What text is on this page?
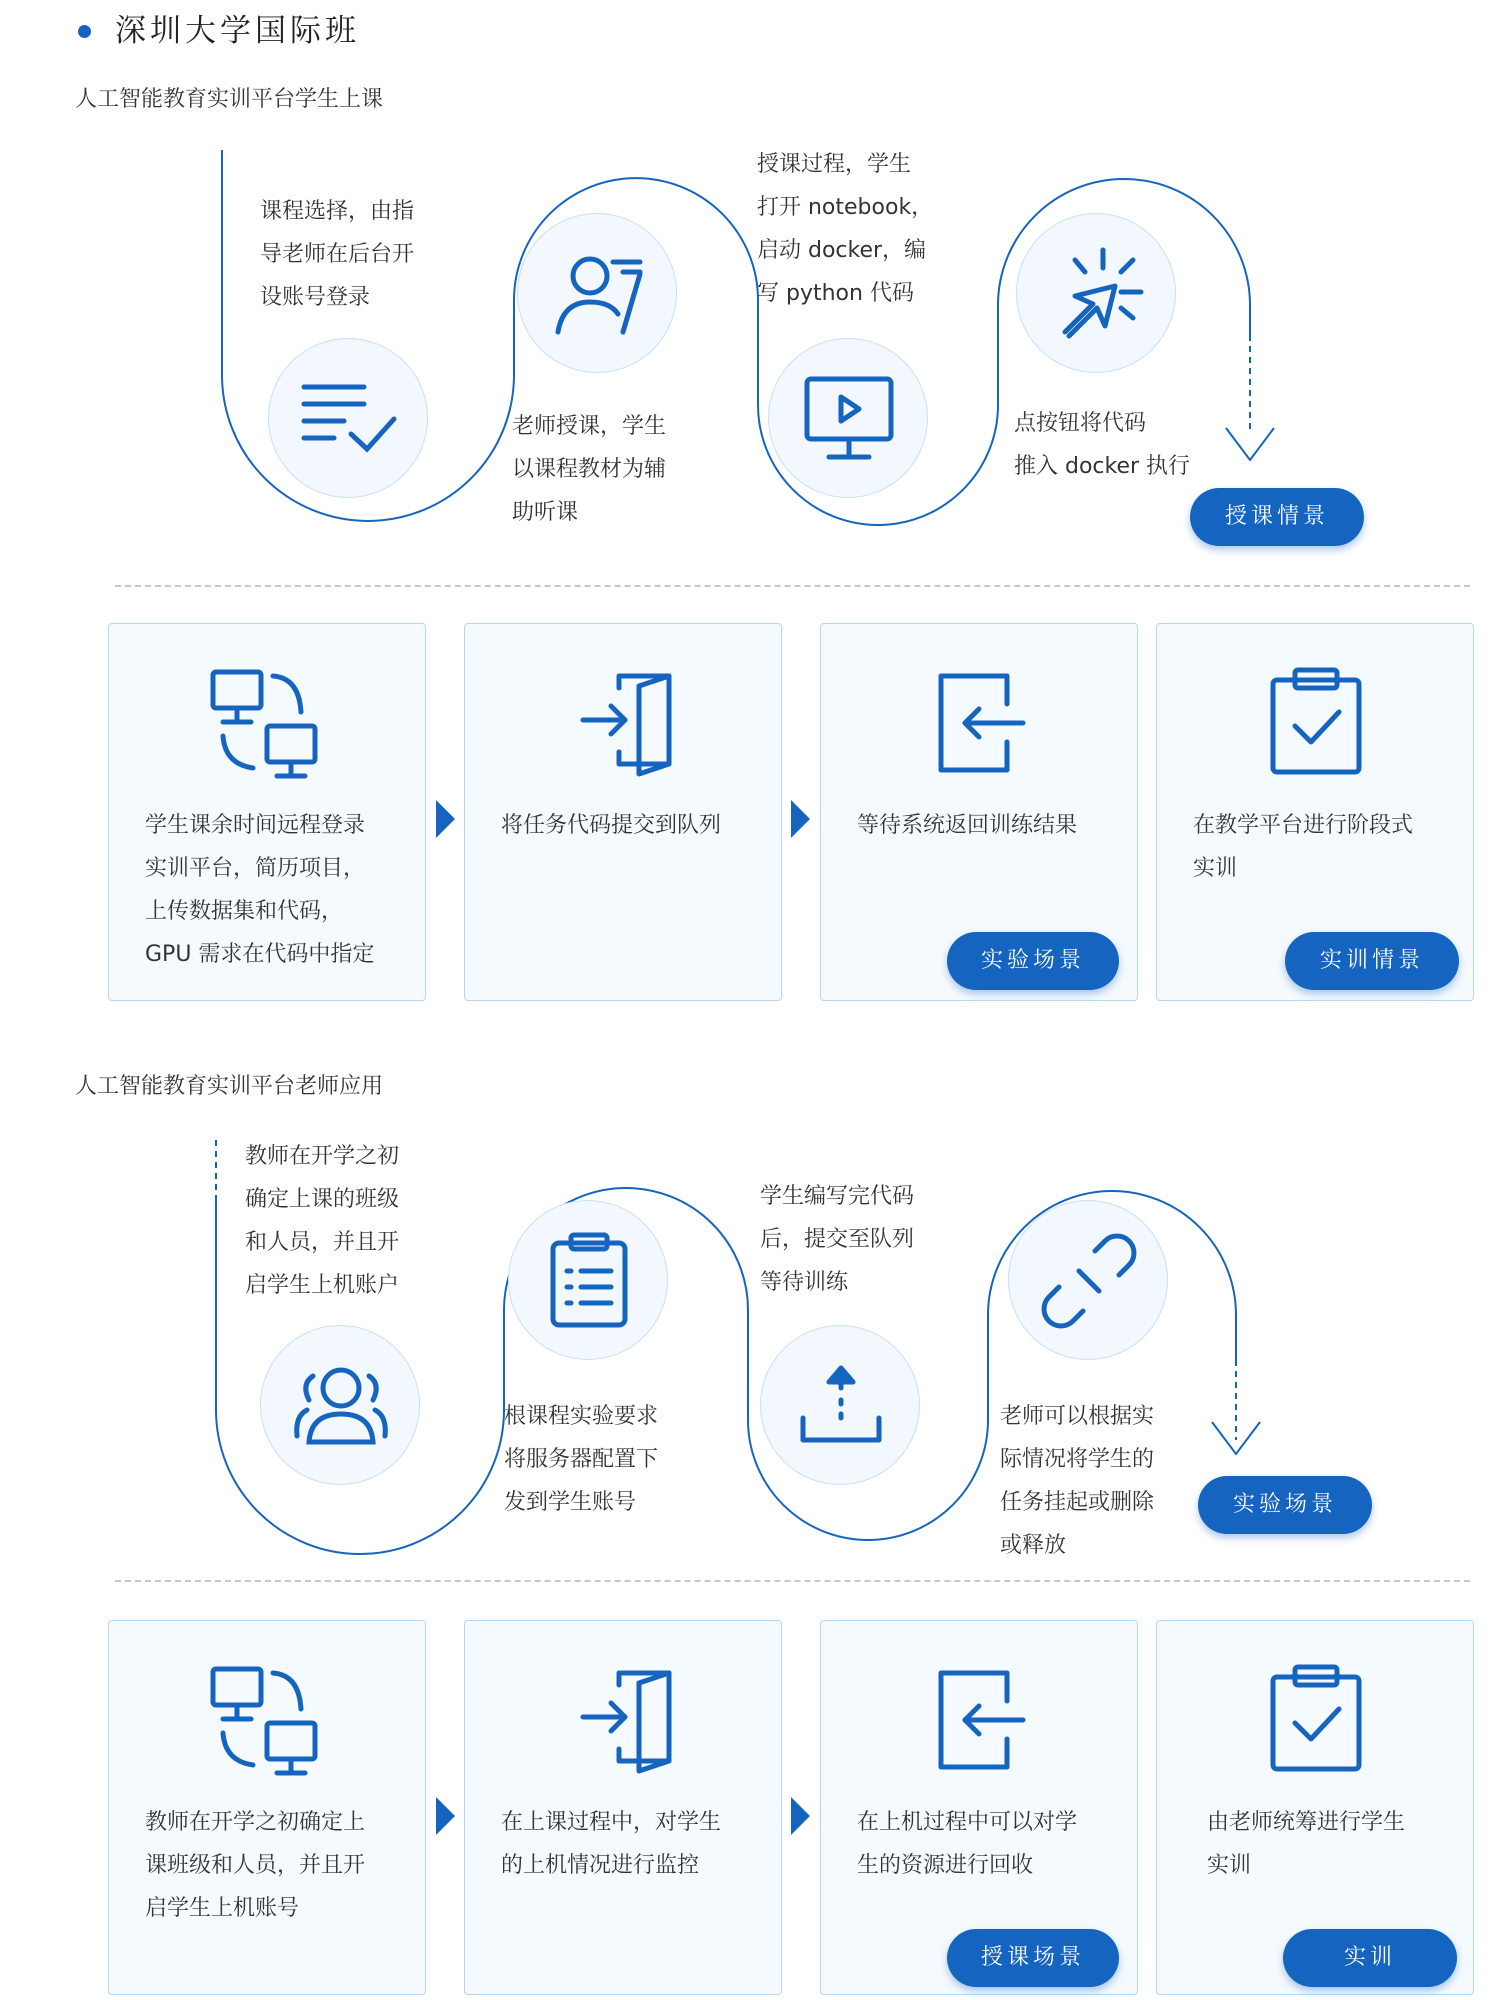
深圳大学国际班
人工智能教育实训平台学生上课
课程选择，由指
导老师在后台开
设账号登录
老师授课，学生
以课程教材为辅
助听课
授课过程，学生
打开 notebook，
启动 docker，编
写 python 代码
点按钮将代码
推入 docker 执行
授课情景
学生课余时间远程登录
实训平台，简历项目，
上传数据集和代码，
GPU 需求在代码中指定
将任务代码提交到队列	等待系统返回训练结果
实验场景
在教学平台进行阶段式
实训
实训情景
人工智能教育实训平台老师应用
教师在开学之初
确定上课的班级
和人员，并且开
启学生上机账户
根课程实验要求
将服务器配置下
发到学生账号
学生编写完代码
后，提交至队列
等待训练
老师可以根据实
际情况将学生的
任务挂起或删除
或释放
实验场景
教师在开学之初确定上
课班级和人员，并且开
启学生上机账号
在上课过程中，对学生
的上机情况进行监控
在上机过程中可以对学
生的资源进行回收
授课场景
由老师统筹进行学生
实训
实训
